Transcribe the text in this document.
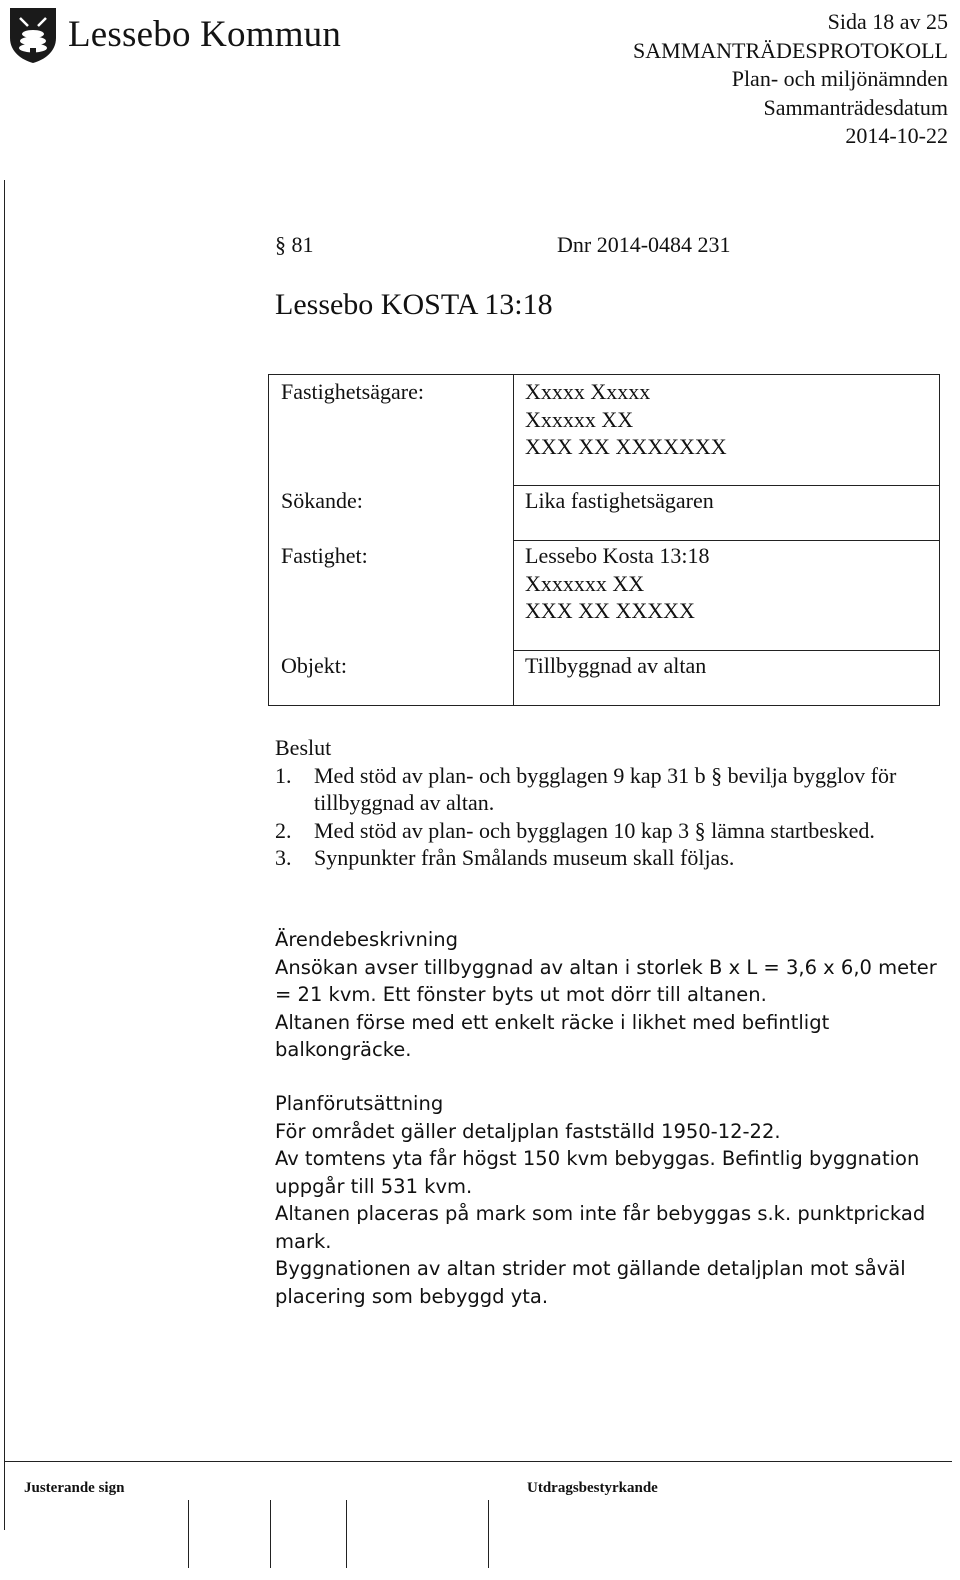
Lessebo Kommun	Sida 18 av 25
SAMMANTRÄDESPROTOKOLL
Plan- och miljönämnden
Sammanträdesdatum
2014-10-22
§ 81	Dnr 2014-0484 231
Lessebo KOSTA 13:18
Fastighetsägare:	Xxxxx Xxxxx
Xxxxxx XX
XXX XX XXXXXXX
Sökande:	Lika fastighetsägaren
Fastighet:	Lessebo Kosta 13:18
Xxxxxxx XX
XXX XX XXXXX
Objekt:	Tillbyggnad av altan

Beslut

1.	Med stöd av plan- och bygglagen 9 kap 31 b § bevilja bygglov för tillbyggnad av altan.
2.	Med stöd av plan- och bygglagen 10 kap 3 § lämna startbesked.
3.	Synpunkter från Smålands museum skall följas.

Ärendebeskrivning

Ansökan avser tillbyggnad av altan i storlek B x L = 3,6 x 6,0 meter = 21 kvm. Ett fönster byts ut mot dörr till altanen.

Altanen förse med ett enkelt räcke i likhet med befintligt balkongräcke.

Planförutsättning

För området gäller detaljplan fastställd 1950-12-22.

Av tomtens yta får högst 150 kvm bebyggas. Befintlig byggnation uppgår till 531 kvm.

Altanen placeras på mark som inte får bebyggas s.k. punktprickad mark.

Byggnationen av altan strider mot gällande detaljplan mot såväl placering som bebyggd yta.

Justerande sign	Utdragsbestyrkande
